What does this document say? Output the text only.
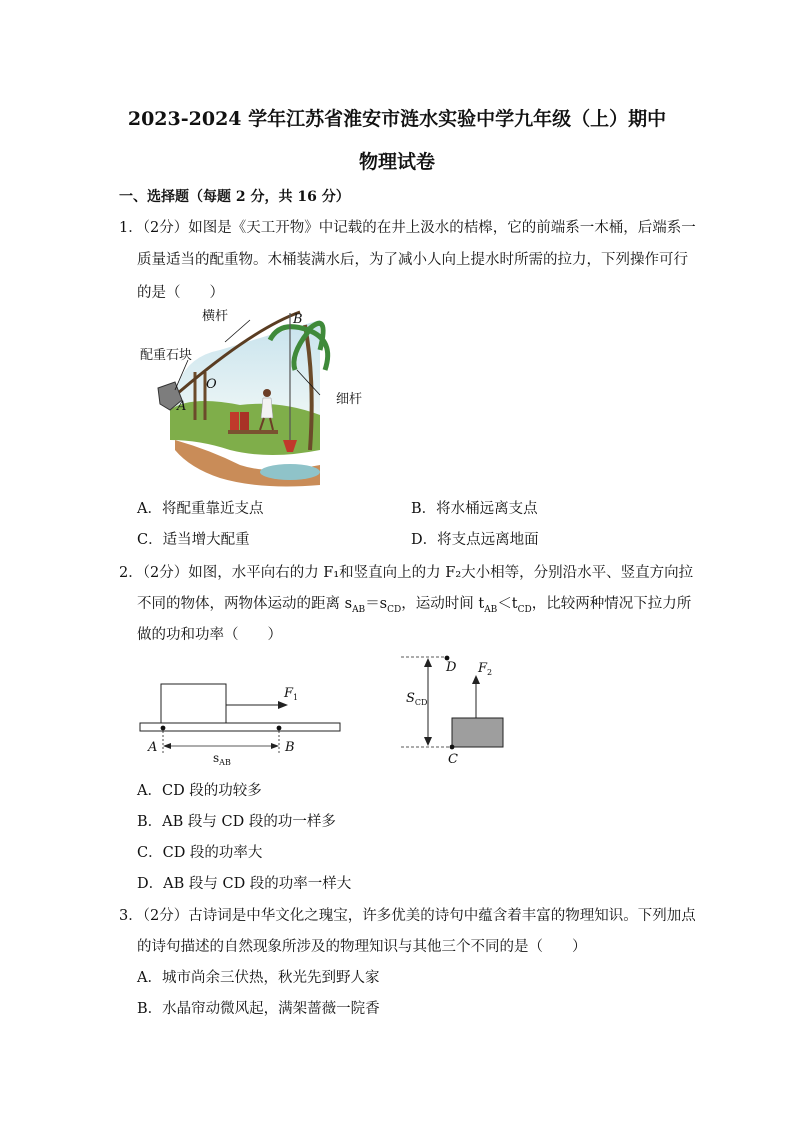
2023-2024 学年江苏省淮安市涟水实验中学九年级（上）期中
物理试卷
一、选择题（每题 2 分，共 16 分）
1．（2分）如图是《天工开物》中记载的在井上汲水的桔槔，它的前端系一木桶，后端系一
质量适当的配重物。木桶装满水后，为了减小人向上提水时所需的拉力，下列操作可行
的是（　　）
横杆
配重石块
O
A
B
细杆
A．将配重靠近支点	B．将水桶远离支点
C．适当增大配重	D．将支点远离地面
2．（2分）如图，水平向右的力 F₁和竖直向上的力 F₂大小相等，分别沿水平、竖直方向拉
不同的物体，两物体运动的距离 $s_{AB}=s_{CD}$，运动时间 $t_{AB}<t_{CD}$，比较两种情况下拉力所
做的功和功率（　　）
$F_1$
A	B
$s_{AB}$
D $F_2$
C
$S_{CD}$
A．CD 段的功较多
B．AB 段与 CD 段的功一样多
C．CD 段的功率大
D．AB 段与 CD 段的功率一样大
3．（2分）古诗词是中华文化之瑰宝，许多优美的诗句中蕴含着丰富的物理知识。下列加点
的诗句描述的自然现象所涉及的物理知识与其他三个不同的是（　　）
A．城市尚余三伏热，秋光先到野人家
B．水晶帘动微风起，满架蔷薇一院香
